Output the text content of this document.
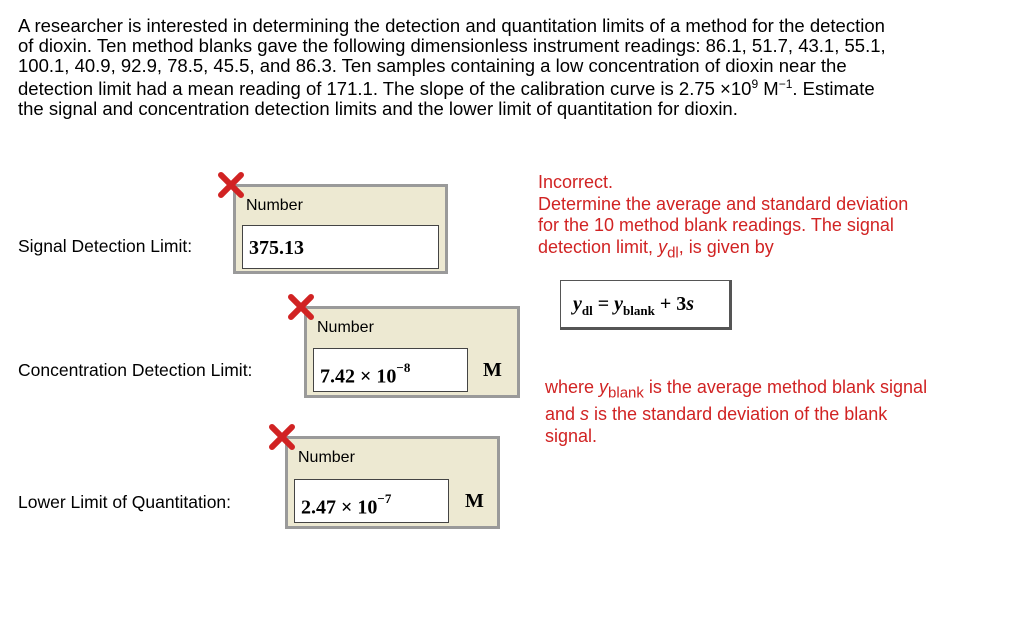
A researcher is interested in determining the detection and quantitation limits of a method for the detection
of dioxin. Ten method blanks gave the following dimensionless instrument readings: 86.1, 51.7, 43.1, 55.1,
100.1, 40.9, 92.9, 78.5, 45.5, and 86.3. Ten samples containing a low concentration of dioxin near the
detection limit had a mean reading of 171.1. The slope of the calibration curve is $2.75 \times 10^9$ $M^{-1}$. Estimate
the signal and concentration detection limits and the lower limit of quantitation for dioxin.
Signal Detection Limit:
Number
375.13
Concentration Detection Limit:
Number
$7.42 \times 10^{-8}$	M
Lower Limit of Quantitation:
Number
$2.47 \times 10^{-7}$	M
Incorrect.
Determine the average and standard deviation
for the 10 method blank readings. The signal
detection limit, $y_{dl}$, is given by
$y_{dl} = y_{blank} + 3s$
where $y_{blank}$ is the average method blank signal
and s is the standard deviation of the blank
signal.
